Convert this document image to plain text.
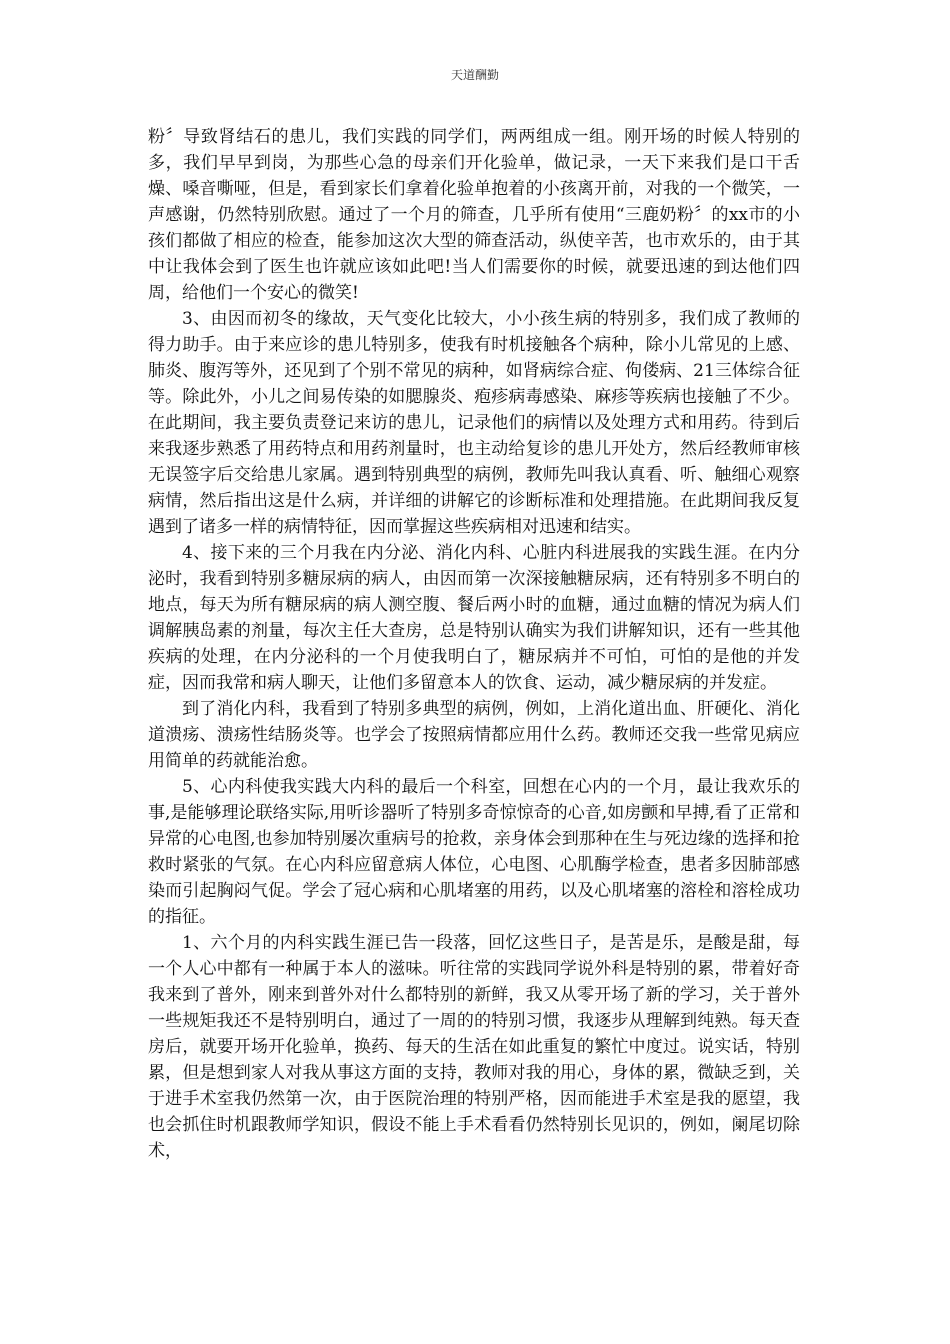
天道酬勤

粉〞导致肾结石的患儿，我们实践的同学们，两两组成一组。刚开场的时候人特别的多，我们早早到岗，为那些心急的母亲们开化验单，做记录，一天下来我们是口干舌燥、嗓音嘶哑，但是，看到家长们拿着化验单抱着的小孩离开前，对我的一个微笑，一声感谢，仍然特别欣慰。通过了一个月的筛查，几乎所有使用“三鹿奶粉〞的xx市的小孩们都做了相应的检查，能参加这次大型的筛查活动，纵使辛苦，也市欢乐的，由于其中让我体会到了医生也许就应该如此吧!当人们需要你的时候，就要迅速的到达他们四周，给他们一个安心的微笑!

3、由因而初冬的缘故，天气变化比较大，小小孩生病的特别多，我们成了教师的得力助手。由于来应诊的患儿特别多，使我有时机接触各个病种，除小儿常见的上感、肺炎、腹泻等外，还见到了个别不常见的病种，如肾病综合症、佝偻病、21三体综合征等。除此外，小儿之间易传染的如腮腺炎、疱疹病毒感染、麻疹等疾病也接触了不少。在此期间，我主要负责登记来访的患儿，记录他们的病情以及处理方式和用药。待到后来我逐步熟悉了用药特点和用药剂量时，也主动给复诊的患儿开处方，然后经教师审核无误签字后交给患儿家属。遇到特别典型的病例，教师先叫我认真看、听、触细心观察病情，然后指出这是什么病，并详细的讲解它的诊断标准和处理措施。在此期间我反复遇到了诸多一样的病情特征，因而掌握这些疾病相对迅速和结实。

4、接下来的三个月我在内分泌、消化内科、心脏内科进展我的实践生涯。在内分泌时，我看到特别多糖尿病的病人，由因而第一次深接触糖尿病，还有特别多不明白的地点，每天为所有糖尿病的病人测空腹、餐后两小时的血糖，通过血糖的情况为病人们调解胰岛素的剂量，每次主任大查房，总是特别认确实为我们讲解知识，还有一些其他疾病的处理，在内分泌科的一个月使我明白了，糖尿病并不可怕，可怕的是他的并发症，因而我常和病人聊天，让他们多留意本人的饮食、运动，减少糖尿病的并发症。

到了消化内科，我看到了特别多典型的病例，例如，上消化道出血、肝硬化、消化道溃疡、溃疡性结肠炎等。也学会了按照病情都应用什么药。教师还交我一些常见病应用简单的药就能治愈。

5、心内科使我实践大内科的最后一个科室，回想在心内的一个月，最让我欢乐的事,是能够理论联络实际,用听诊器听了特别多奇惊惊奇的心音,如房颤和早搏,看了正常和异常的心电图,也参加特别屡次重病号的抢救，亲身体会到那种在生与死边缘的选择和抢救时紧张的气氛。在心内科应留意病人体位，心电图、心肌酶学检查，患者多因肺部感染而引起胸闷气促。学会了冠心病和心肌堵塞的用药，以及心肌堵塞的溶栓和溶栓成功的指征。

1、六个月的内科实践生涯已告一段落，回忆这些日子，是苦是乐，是酸是甜，每一个人心中都有一种属于本人的滋味。听往常的实践同学说外科是特别的累，带着好奇我来到了普外，刚来到普外对什么都特别的新鲜，我又从零开场了新的学习，关于普外一些规矩我还不是特别明白，通过了一周的的特别习惯，我逐步从理解到纯熟。每天查房后，就要开场开化验单，换药、每天的生活在如此重复的繁忙中度过。说实话，特别累，但是想到家人对我从事这方面的支持，教师对我的用心，身体的累，微缺乏到，关于进手术室我仍然第一次，由于医院治理的特别严格，因而能进手术室是我的愿望，我也会抓住时机跟教师学知识，假设不能上手术看看仍然特别长见识的，例如，阑尾切除术，
